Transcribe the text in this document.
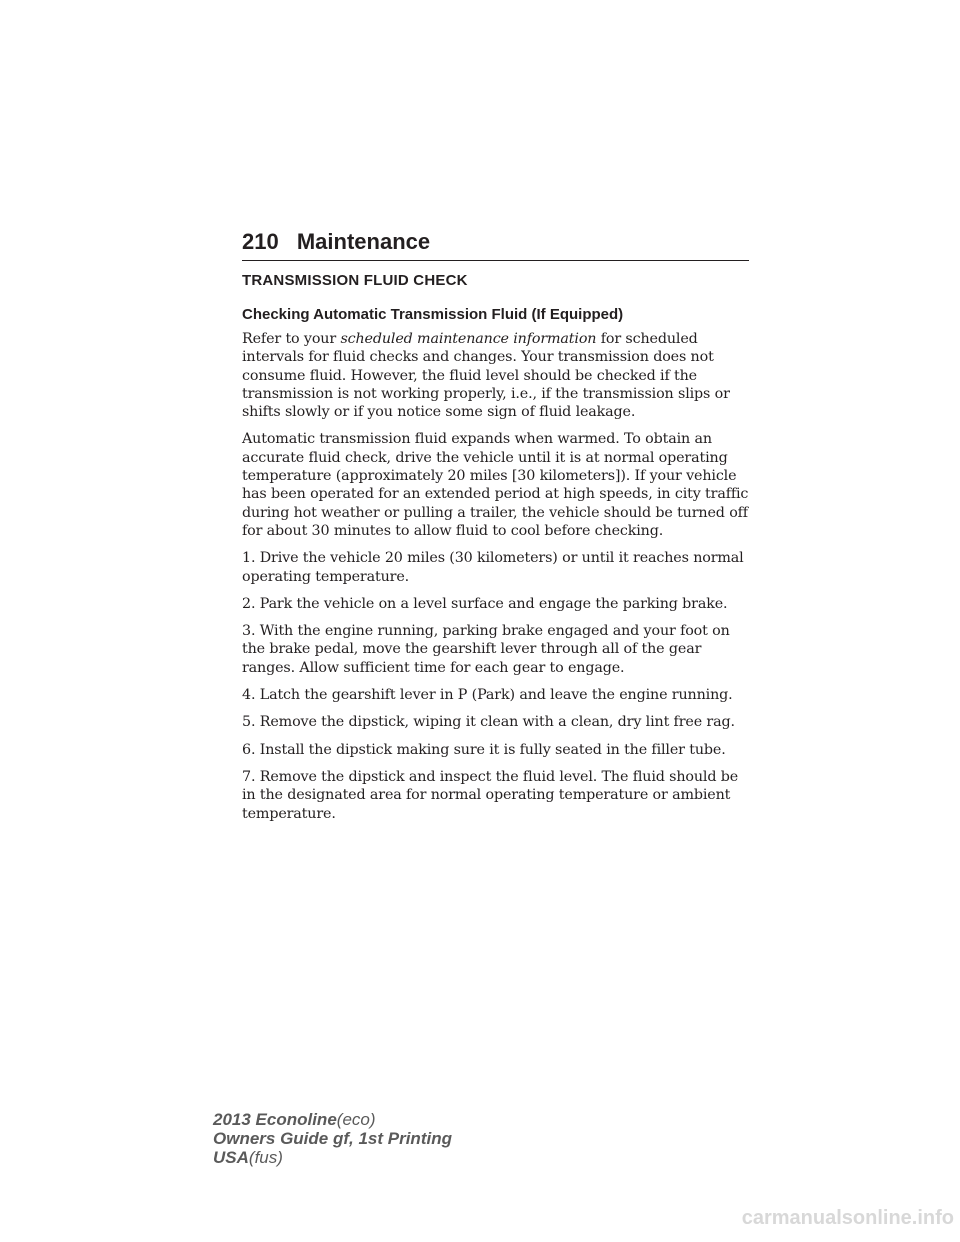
210 Maintenance

TRANSMISSION FLUID CHECK

Checking Automatic Transmission Fluid (If Equipped)

Refer to your scheduled maintenance information for scheduled intervals for fluid checks and changes. Your transmission does not consume fluid. However, the fluid level should be checked if the transmission is not working properly, i.e., if the transmission slips or shifts slowly or if you notice some sign of fluid leakage.

Automatic transmission fluid expands when warmed. To obtain an accurate fluid check, drive the vehicle until it is at normal operating temperature (approximately 20 miles [30 kilometers]). If your vehicle has been operated for an extended period at high speeds, in city traffic during hot weather or pulling a trailer, the vehicle should be turned off for about 30 minutes to allow fluid to cool before checking.

1. Drive the vehicle 20 miles (30 kilometers) or until it reaches normal operating temperature.

2. Park the vehicle on a level surface and engage the parking brake.

3. With the engine running, parking brake engaged and your foot on the brake pedal, move the gearshift lever through all of the gear ranges. Allow sufficient time for each gear to engage.

4. Latch the gearshift lever in P (Park) and leave the engine running.

5. Remove the dipstick, wiping it clean with a clean, dry lint free rag.

6. Install the dipstick making sure it is fully seated in the filler tube.

7. Remove the dipstick and inspect the fluid level. The fluid should be in the designated area for normal operating temperature or ambient temperature.

2013 Econoline(eco)
Owners Guide gf, 1st Printing
USA(fus)
carmanualsonline.info
